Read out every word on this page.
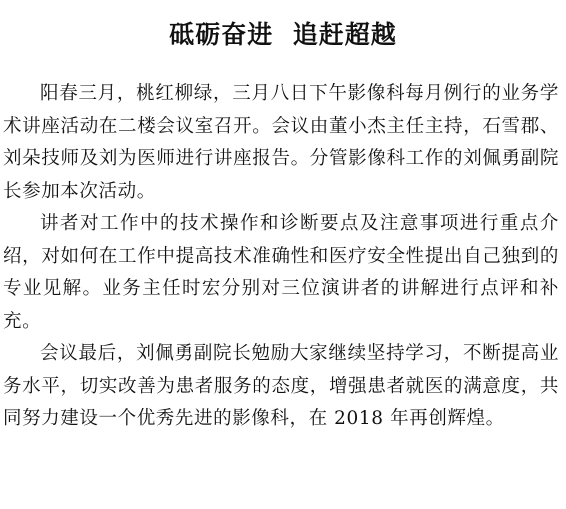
砥砺奋进  追赶超越

阳春三月，桃红柳绿，三月八日下午影像科每月例行的业务学术讲座活动在二楼会议室召开。会议由董小杰主任主持，石雪郡、刘朵技师及刘为医师进行讲座报告。分管影像科工作的刘佩勇副院长参加本次活动。

讲者对工作中的技术操作和诊断要点及注意事项进行重点介绍，对如何在工作中提高技术准确性和医疗安全性提出自己独到的专业见解。业务主任时宏分别对三位演讲者的讲解进行点评和补充。

会议最后，刘佩勇副院长勉励大家继续坚持学习，不断提高业务水平，切实改善为患者服务的态度，增强患者就医的满意度，共同努力建设一个优秀先进的影像科，在 2018 年再创辉煌。
